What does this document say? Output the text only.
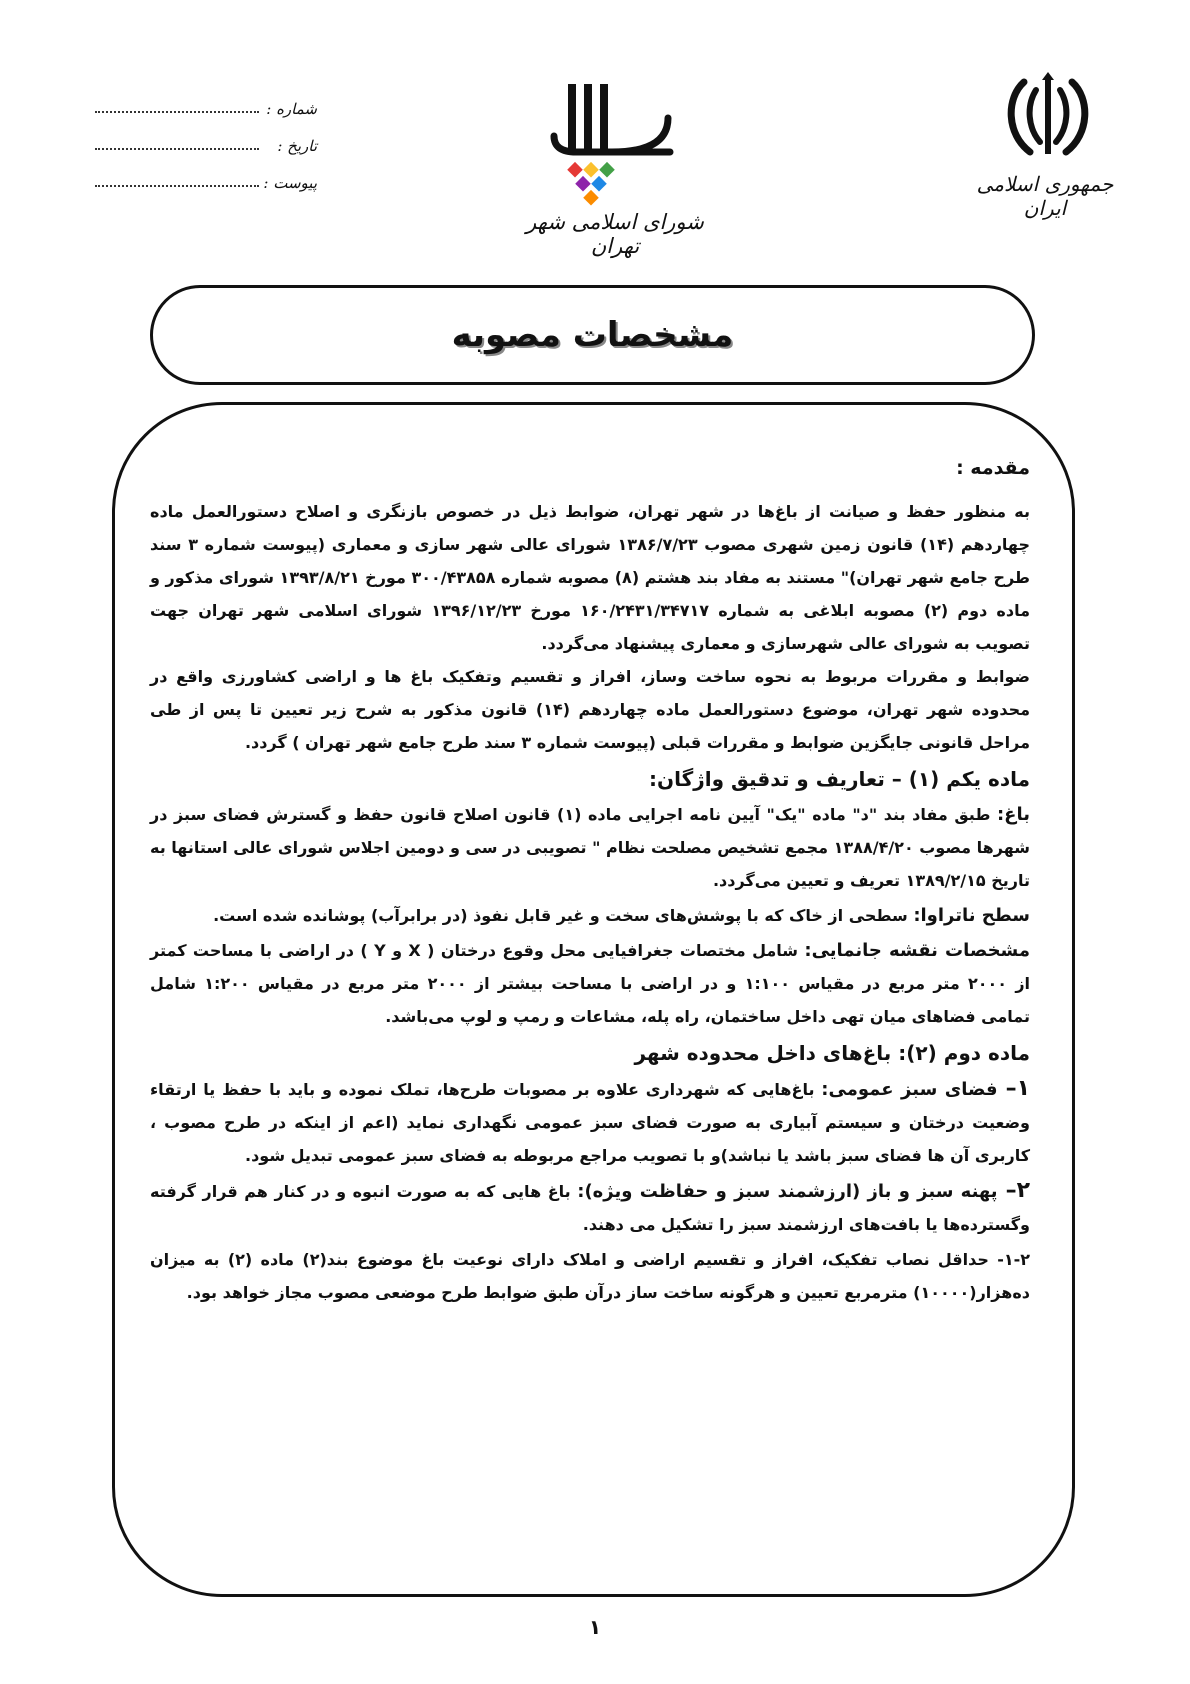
جمهوری اسلامی ایران
شورای اسلامی شهر تهران
شماره :
تاریخ :
پیوست :
مشخصات مصوبه

مقدمه :

به منظور حفظ و صیانت از باغ‌ها در شهر تهران، ضوابط ذیل در خصوص بازنگری و اصلاح دستورالعمل ماده چهاردهم (۱۴) قانون زمین شهری مصوب ۱۳۸۶/۷/۲۳ شورای عالی شهر سازی و معماری (پیوست شماره ۳ سند طرح جامع شهر تهران)" مستند به مفاد بند هشتم (۸) مصوبه شماره ۳۰۰/۴۳۸۵۸ مورخ ۱۳۹۳/۸/۲۱ شورای مذکور و ماده دوم (۲) مصوبه ابلاغی به شماره ۱۶۰/۲۴۳۱/۳۴۷۱۷ مورخ ۱۳۹۶/۱۲/۲۳ شورای اسلامی شهر تهران جهت تصویب به شورای عالی شهرسازی و معماری پیشنهاد می‌گردد.

ضوابط و مقررات مربوط به نحوه ساخت وساز، افراز و تقسیم وتفکیک باغ ها و اراضی کشاورزی واقع در محدوده شهر تهران، موضوع دستورالعمل ماده چهاردهم (۱۴) قانون مذکور به شرح زیر تعیین تا پس از طی مراحل قانونی جایگزین ضوابط و مقررات قبلی (پیوست شماره ۳ سند طرح جامع شهر تهران ) گردد.

ماده یکم (۱) – تعاریف و تدقیق واژگان:

باغ: طبق مفاد بند "د" ماده "یک" آیین نامه اجرایی ماده (۱) قانون اصلاح قانون حفظ و گسترش فضای سبز در شهرها مصوب ۱۳۸۸/۴/۲۰ مجمع تشخیص مصلحت نظام " تصویبی در سی و دومین اجلاس شورای عالی استانها به تاریخ ۱۳۸۹/۲/۱۵ تعریف و تعیین می‌گردد.

سطح ناتراوا: سطحی از خاک که با پوشش‌های سخت و غیر قابل نفوذ (در برابرآب) پوشانده شده است.

مشخصات نقشه جانمایی: شامل مختصات جغرافیایی محل وقوع درختان ( X و Y ) در اراضی با مساحت کمتر از ۲۰۰۰ متر مربع در مقیاس ۱:۱۰۰ و در اراضی با مساحت بیشتر از ۲۰۰۰ متر مربع در مقیاس ۱:۲۰۰ شامل تمامی فضاهای میان تهی داخل ساختمان، راه پله، مشاعات و رمپ و لوپ می‌باشد.

ماده دوم (۲): باغ‌های داخل محدوده شهر

۱–فضای سبز عمومی: باغ‌هایی که شهرداری علاوه بر مصوبات طرح‌ها، تملک نموده و باید با حفظ یا ارتقاء وضعیت درختان و سیستم آبیاری به صورت فضای سبز عمومی نگهداری نماید (اعم از اینکه در طرح مصوب ، کاربری آن ها فضای سبز باشد یا نباشد)و با تصویب مراجع مربوطه به فضای سبز عمومی تبدیل شود.

۲–پهنه سبز و باز (ارزشمند سبز و حفاظت ویژه): باغ هایی که به صورت انبوه و در کنار هم قرار گرفته وگسترده‌ها یا بافت‌های ارزشمند سبز را تشکیل می دهند.

۱-۲- حداقل نصاب تفکیک، افراز و تقسیم اراضی و املاک دارای نوعیت باغ موضوع بند(۲) ماده (۲) به میزان ده‌هزار(۱۰۰۰۰) مترمربع تعیین و هرگونه ساخت ساز درآن طبق ضوابط طرح موضعی مصوب مجاز خواهد بود.

۱
